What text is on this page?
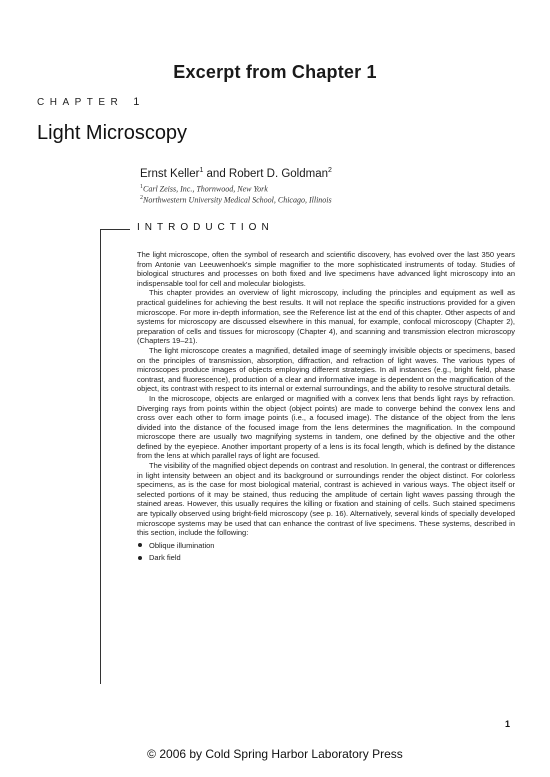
Excerpt from Chapter 1
CHAPTER 1
Light Microscopy
Ernst Keller$^1$ and Robert D. Goldman$^2$
$^1$Carl Zeiss, Inc., Thornwood, New York
$^2$Northwestern University Medical School, Chicago, Illinois
INTRODUCTION

The light microscope, often the symbol of research and scientific discovery, has evolved over the last 350 years from Antonie van Leeuwenhoek's simple magnifier to the more sophisticated instruments of today. Studies of biological structures and processes on both fixed and live specimens have advanced light microscopy into an indispensable tool for cell and molecular biologists.

This chapter provides an overview of light microscopy, including the principles and equipment as well as practical guidelines for achieving the best results. It will not replace the specific instructions provided for a given microscope. For more in-depth information, see the Reference list at the end of this chapter. Other aspects of and systems for microscopy are discussed elsewhere in this manual, for example, confocal microscopy (Chapter 2), preparation of cells and tissues for microscopy (Chapter 4), and scanning and transmission electron microscopy (Chapters 19–21).

The light microscope creates a magnified, detailed image of seemingly invisible objects or specimens, based on the principles of transmission, absorption, diffraction, and refraction of light waves. The various types of microscopes produce images of objects employing different strategies. In all instances (e.g., bright field, phase contrast, and fluorescence), production of a clear and informative image is dependent on the magnification of the object, its contrast with respect to its internal or external surroundings, and the ability to resolve structural details.

In the microscope, objects are enlarged or magnified with a convex lens that bends light rays by refraction. Diverging rays from points within the object (object points) are made to converge behind the convex lens and cross over each other to form image points (i.e., a focused image). The distance of the object from the lens divided into the distance of the focused image from the lens determines the magnification. In the compound microscope there are usually two magnifying systems in tandem, one defined by the objective and the other defined by the eyepiece. Another important property of a lens is its focal length, which is defined by the distance from the lens at which parallel rays of light are focused.

The visibility of the magnified object depends on contrast and resolution. In general, the contrast or differences in light intensity between an object and its background or surroundings render the object distinct. For colorless specimens, as is the case for most biological material, contrast is achieved in various ways. The object itself or selected portions of it may be stained, thus reducing the amplitude of certain light waves passing through the stained areas. However, this usually requires the killing or fixation and staining of cells. Such stained specimens are typically observed using bright-field microscopy (see p. 16). Alternatively, several kinds of specially developed microscope systems may be used that can enhance the contrast of live specimens. These systems, described in this section, include the following:

Oblique illumination
Dark field
1
© 2006 by Cold Spring Harbor Laboratory Press
